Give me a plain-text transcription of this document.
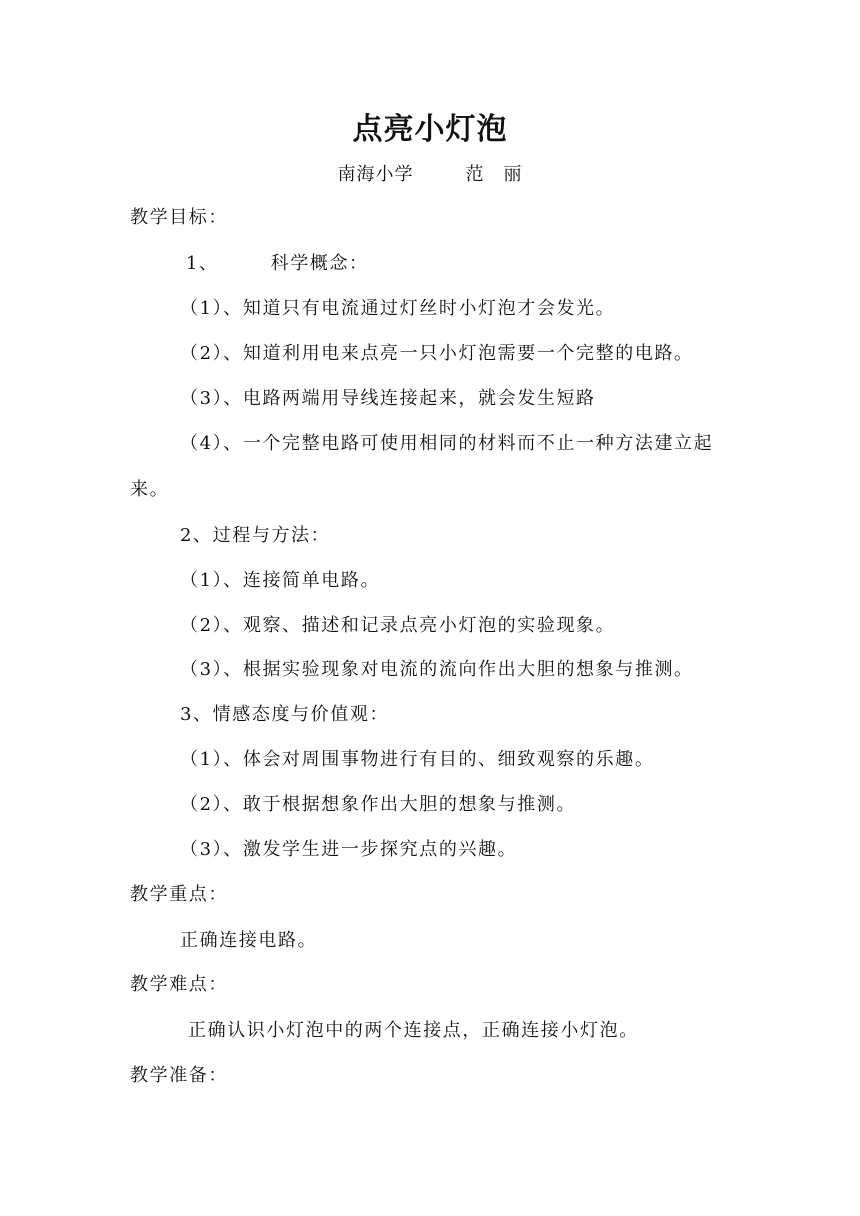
点亮小灯泡
南海小学	范　丽
教学目标：
1、	科学概念：
（1）、知道只有电流通过灯丝时小灯泡才会发光。
（2）、知道利用电来点亮一只小灯泡需要一个完整的电路。
（3）、电路两端用导线连接起来，就会发生短路
（4）、一个完整电路可使用相同的材料而不止一种方法建立起
来。
2、过程与方法：
（1）、连接简单电路。
（2）、观察、描述和记录点亮小灯泡的实验现象。
（3）、根据实验现象对电流的流向作出大胆的想象与推测。
3、情感态度与价值观：
（1）、体会对周围事物进行有目的、细致观察的乐趣。
（2）、敢于根据想象作出大胆的想象与推测。
（3）、激发学生进一步探究点的兴趣。
教学重点：
正确连接电路。
教学难点：
正确认识小灯泡中的两个连接点，正确连接小灯泡。
教学准备：
